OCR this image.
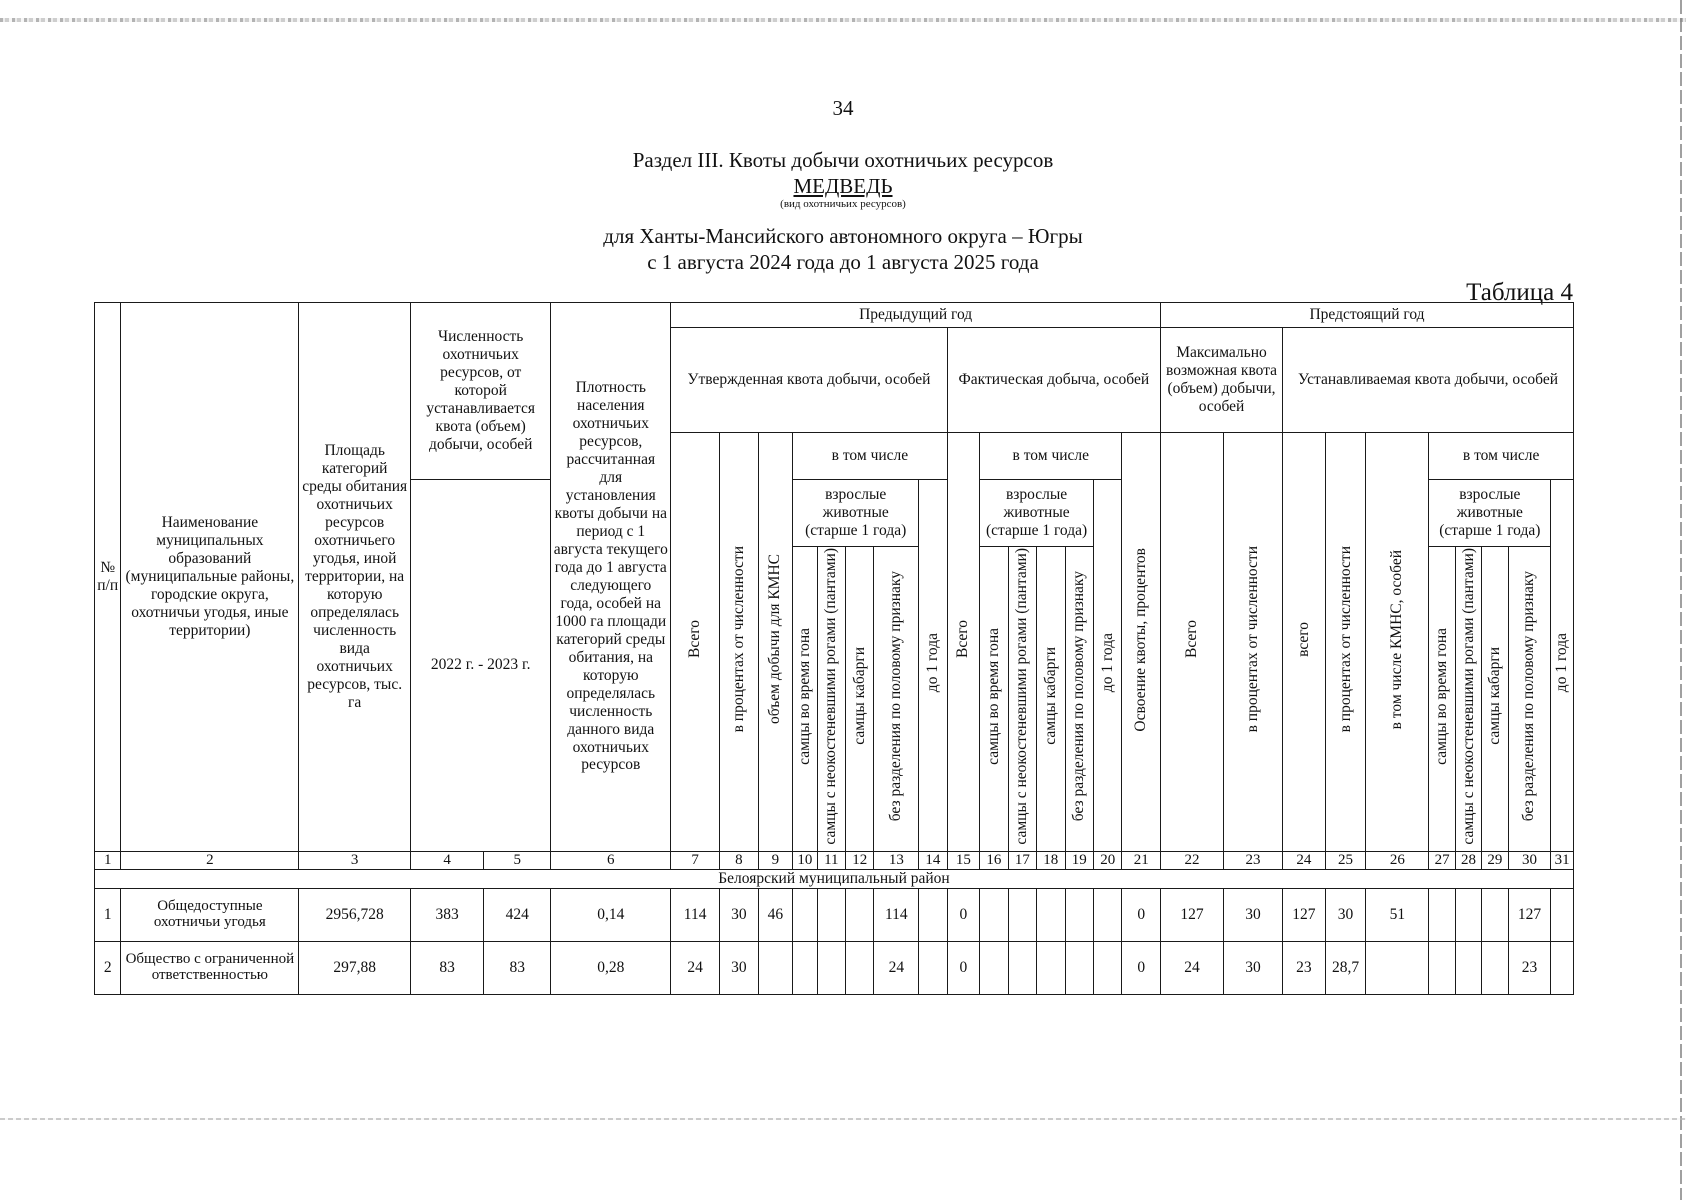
34
Раздел III. Квоты добычи охотничьих ресурсов
МЕДВЕДЬ
(вид охотничьих ресурсов)
для Ханты-Мансийского автономного округа – Югры
с 1 августа 2024 года до 1 августа 2025 года
Таблица 4
№ п/п	Наименование муниципальных образований (муниципальные районы, городские округа, охотничьи угодья, иные территории)	Площадь категорий среды обитания охотничьих ресурсов охотничьего угодья, иной территории, на которую определялась численность вида охотничьих ресурсов, тыс. га	Численность охотничьих ресурсов, от которой устанавливается квота (объем) добычи, особей		Плотность населения охотничьих ресурсов, рассчитанная для установления квоты добычи на период с 1 августа текущего года до 1 августа следующего года, особей на 1000 га площади категорий среды обитания, на которую определялась численность данного вида охотничьих ресурсов	Предыдущий год															Предстоящий год									
						Утвержденная квота добычи, особей								Фактическая добыча, особей							Максимально возможная квота (объем) добычи, особей		Устанавливаемая квота добычи, особей							
						Всего	в процентах от численности	объем добычи для КМНС	в том числе					Всего	в том числе					Освоение квоты, процентов	Всего	в процентах от численности	всего	в процентах от численности	в том числе КМНС, особей	в том числе				
			2022 г. - 2023 г.						взрослые животные (старше 1 года)				до 1 года		взрослые животные (старше 1 года)				до 1 года							взрослые животные (старше 1 года)				до 1 года
									самцы во время гона	самцы с неокостеневшими рогами (пантами)	самцы кабарги	без разделения по половому признаку			самцы во время гона	самцы с неокостеневшими рогами (пантами)	самцы кабарги	без разделения по половому признаку								самцы во время гона	самцы с неокостеневшими рогами (пантами)	самцы кабарги	без разделения по половому признаку	
1	2	3	4	5	6	7	8	9	10	11	12	13	14	15	16	17	18	19	20	21	22	23	24	25	26	27	28	29	30	31
Белоярский муниципальный район																														
1	Общедоступные охотничьи угодья	2956,728	383	424	0,14	114	30	46				114		0						0	127	30	127	30	51				127	
2	Общество с ограниченной ответственностью	297,88	83	83	0,28	24	30					24		0						0	24	30	23	28,7					23	
